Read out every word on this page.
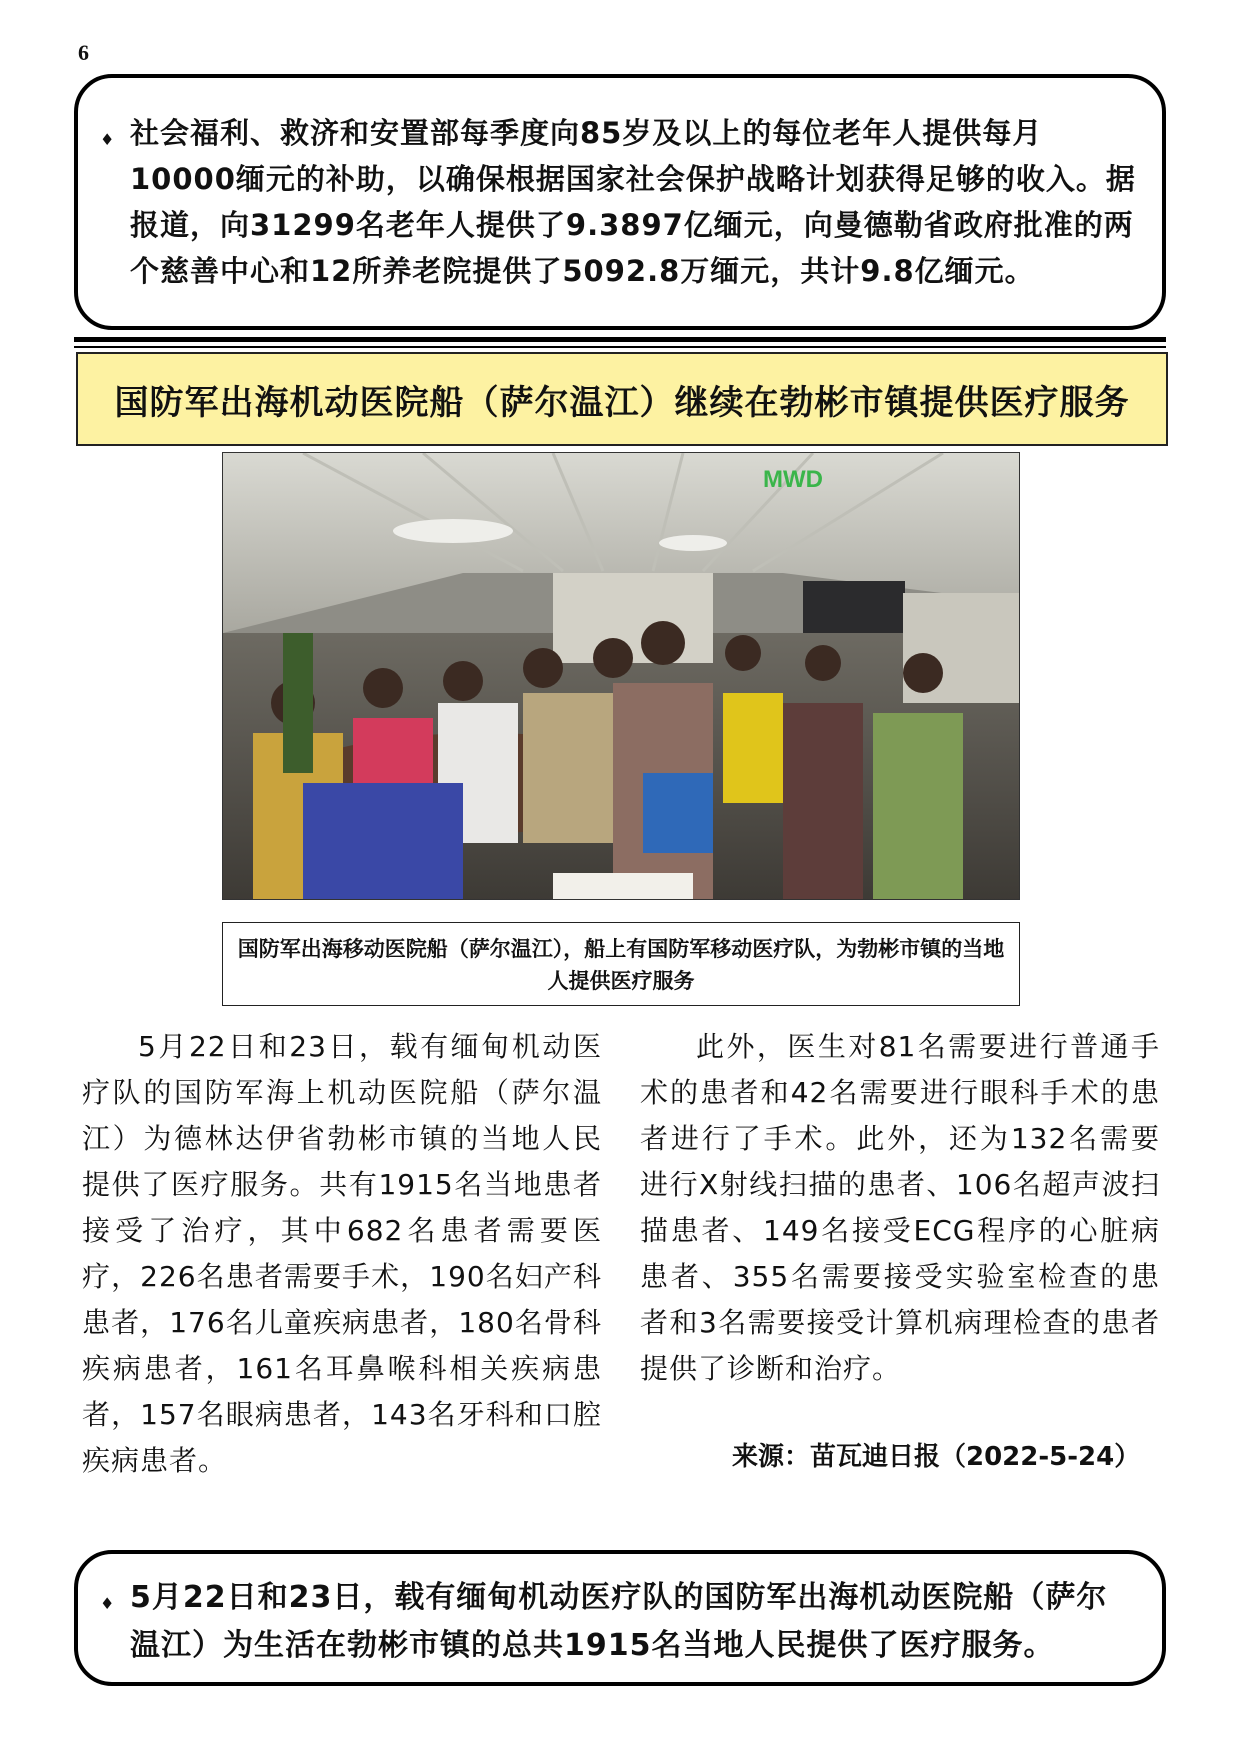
6
♦ 社会福利、救济和安置部每季度向85岁及以上的每位老年人提供每月10000缅元的补助，以确保根据国家社会保护战略计划获得足够的收入。据报道，向31299名老年人提供了9.3897亿缅元，向曼德勒省政府批准的两个慈善中心和12所养老院提供了5092.8万缅元，共计9.8亿缅元。
国防军出海机动医院船（萨尔温江）继续在勃彬市镇提供医疗服务
MWD
国防军出海移动医院船（萨尔温江），船上有国防军移动医疗队，为勃彬市镇的当地人提供医疗服务

5月22日和23日，载有缅甸机动医疗队的国防军海上机动医院船（萨尔温江）为德林达伊省勃彬市镇的当地人民提供了医疗服务。共有1915名当地患者接受了治疗，其中682名患者需要医疗，226名患者需要手术，190名妇产科患者，176名儿童疾病患者，180名骨科疾病患者，161名耳鼻喉科相关疾病患者，157名眼病患者，143名牙科和口腔疾病患者。

此外，医生对81名需要进行普通手术的患者和42名需要进行眼科手术的患者进行了手术。此外，还为132名需要进行X射线扫描的患者、106名超声波扫描患者、149名接受ECG程序的心脏病患者、355名需要接受实验室检查的患者和3名需要接受计算机病理检查的患者提供了诊断和治疗。

来源：苗瓦迪日报（2022-5-24）
♦ 5月22日和23日，载有缅甸机动医疗队的国防军出海机动医院船（萨尔温江）为生活在勃彬市镇的总共1915名当地人民提供了医疗服务。
